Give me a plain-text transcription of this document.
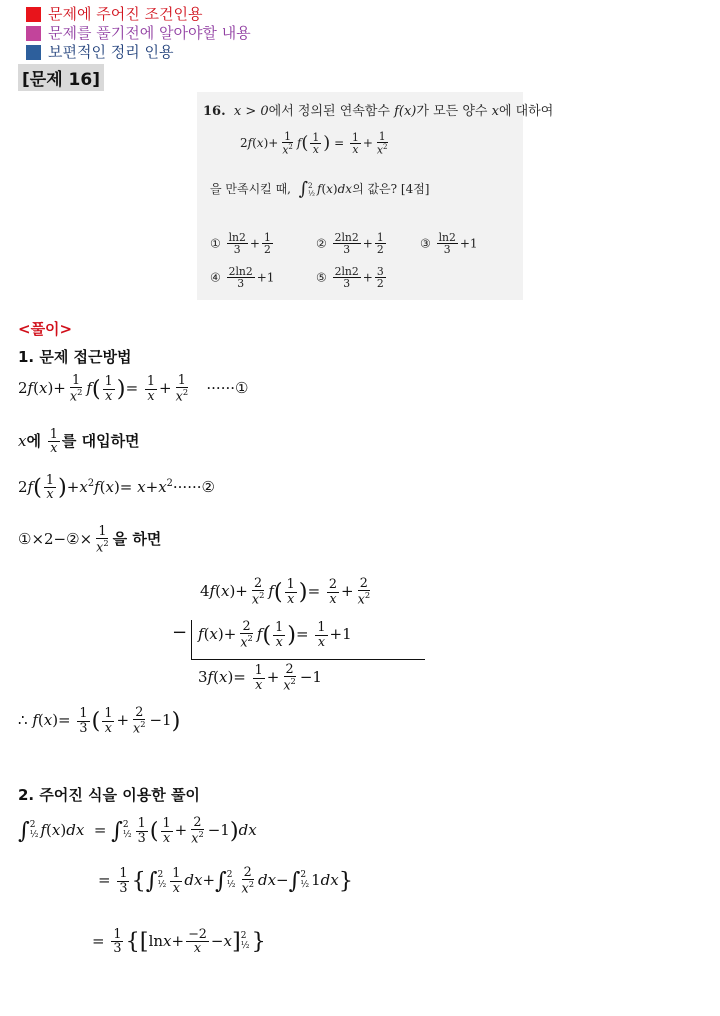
문제에 주어진 조건인용
문제를 풀기전에 알아야할 내용
보편적인 정리 인용
[문제 16]
16. x > 0에서 정의된 연속함수 f(x)가 모든 양수 x에 대하여
$2f(x)+ \frac{1}{x^2} f( \frac{1}{x}$ ) = $\frac{1}{x} + \frac{1}{x^2}$
을 만족시킬 때, ∫ 2
½ f(x)dx의 값은? [4점]
① $\frac{\ln 2}{3} + \frac{1}{2}$	② $\frac{2\ln 2}{3} + \frac{1}{2}$	③ $\frac{\ln 2}{3} +1$
④ $\frac{2\ln 2}{3} +1$	⑤ $\frac{2\ln 2}{3} + \frac{3}{2}$
<풀이>
1. 문제 접근방법
$2f(x)+ \frac{1}{x^2} f( \frac{1}{x}$ )= $\frac{1}{x} + \frac{1}{x^2}$ ······①
x에 $\frac{1}{x}$ 를 대입하면
$2f( \frac{1}{x} )+x^2f(x)=$ $x+x^2\cdot\cdot\cdot\cdot\cdot\cdot ②$
①×2−②× $\frac{1}{x^2}$ 을 하면
$4f(x)+ \frac{2}{x^2} f( \frac{1}{x}$ )= $\frac{2}{x} + \frac{2}{x^2}$
− $f(x)+ \frac{2}{x^2} f( \frac{1}{x}$ )= $\frac{1}{x} +1$
$3f(x)= \frac{1}{x} + \frac{2}{x^2} -1$
∴ $f(x)= \frac{1}{3}$ ( $\frac{1}{x} + \frac{2}{x^2} -1$)
2. 주어진 식을 이용한 풀이
∫ 2
½ f(x)dx  = ∫ 2
½ $\frac{1}{3}$ ( $\frac{1}{x} + \frac{2}{x^2} -1)dx$
= $\frac{1}{3}$ {∫ 2
½ $\frac{1}{x} dx+\int$ 2
½ $\frac{2}{x^2} dx-\int$ 2
½ 1dx}
= $\frac{1}{3} \{[\ln x+ \frac{-2}{x} -x]$ 2
½ }
